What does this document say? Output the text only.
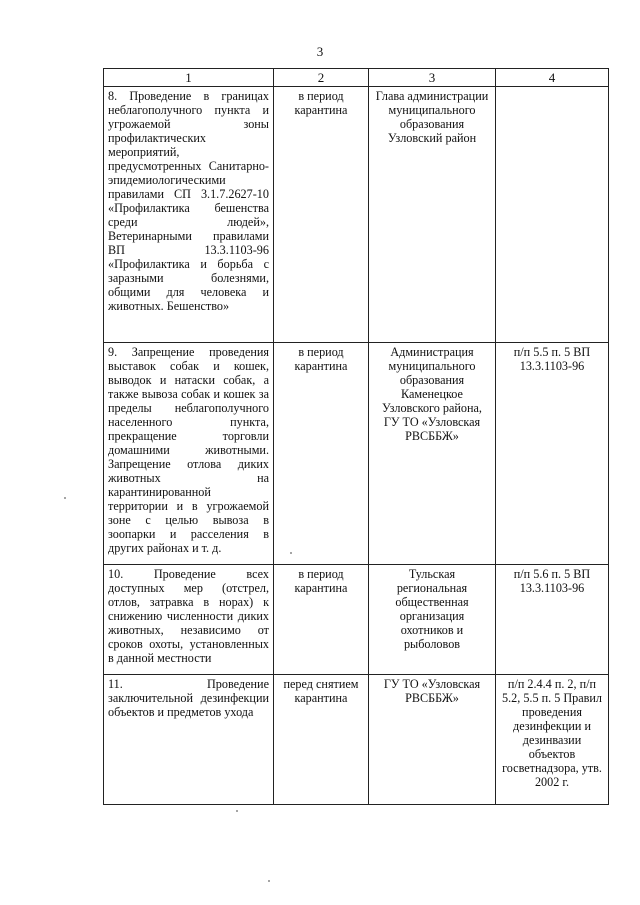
3
1	2	3	4
8. Проведение в границах неблагополучного пункта и угрожаемой зоны профилактических мероприятий, предусмотренных Санитарно-эпидемиологическими правилами СП 3.1.7.2627-10 «Профилактика бешенства среди людей», Ветеринарными правилами ВП 13.3.1103-96 «Профилактика и борьба с заразными болезнями, общими для человека и животных. Бешенство»	в период карантина	Глава администрации муниципального образования Узловский район	
9. Запрещение проведения выставок собак и кошек, выводок и натаски собак, а также вывоза собак и кошек за пределы неблагополучного населенного пункта, прекращение торговли домашними животными. Запрещение отлова диких животных на карантинированной территории и в угрожаемой зоне с целью вывоза в зоопарки и расселения в других районах и т. д.	в период карантина	Администрация муниципального образования Каменецкое Узловского района, ГУ ТО «Узловская РВСББЖ»	п/п 5.5 п. 5 ВП 13.3.1103-96
10. Проведение всех доступных мер (отстрел, отлов, затравка в норах) к снижению численности диких животных, независимо от сроков охоты, установленных в данной местности	в период карантина	Тульская региональная общественная организация охотников и рыболовов	п/п 5.6 п. 5 ВП 13.3.1103-96
11. Проведение заключительной дезинфекции объектов и предметов ухода	перед снятием карантина	ГУ ТО «Узловская РВСББЖ»	п/п 2.4.4 п. 2, п/п 5.2, 5.5 п. 5 Правил проведения дезинфекции и дезинвазии объектов госветнадзора, утв. 2002 г.
